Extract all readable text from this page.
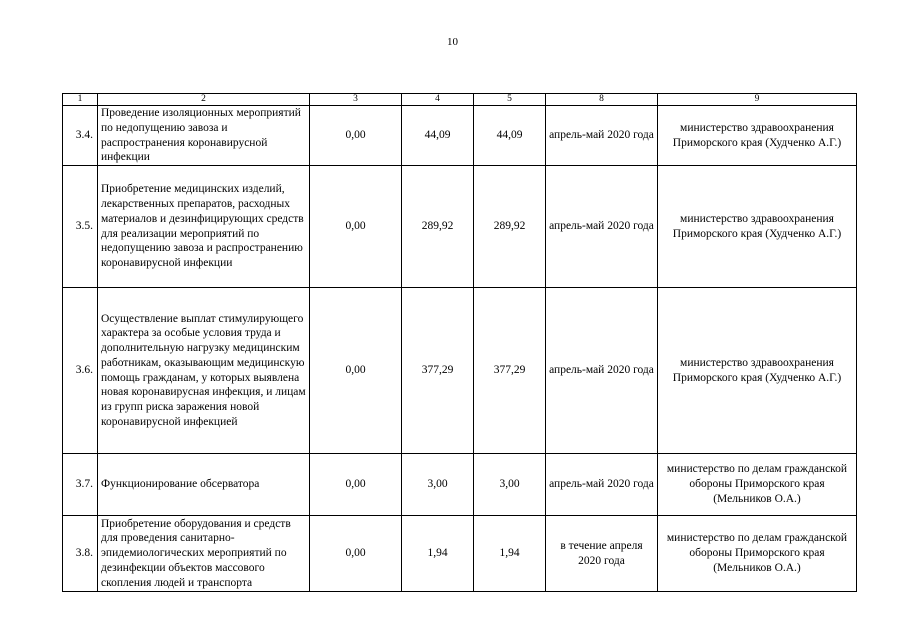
10
1	2	3	4	5	8	9
3.4.	Проведение изоляционных мероприятий по недопущению завоза и распространения коронавирусной инфекции	0,00	44,09	44,09	апрель-май 2020 года	министерство здравоохранения Приморского края (Худченко А.Г.)
3.5.	Приобретение медицинских изделий, лекарственных препаратов, расходных материалов и дезинфицирующих средств для реализации мероприятий по недопущению завоза и распространению коронавирусной инфекции	0,00	289,92	289,92	апрель-май 2020 года	министерство здравоохранения Приморского края (Худченко А.Г.)
3.6.	Осуществление выплат стимулирующего характера за особые условия труда и дополнительную нагрузку медицинским работникам, оказывающим медицинскую помощь гражданам, у которых выявлена новая коронавирусная инфекция, и лицам из групп риска заражения новой коронавирусной инфекцией	0,00	377,29	377,29	апрель-май 2020 года	министерство здравоохранения Приморского края (Худченко А.Г.)
3.7.	Функционирование обсерватора	0,00	3,00	3,00	апрель-май 2020 года	министерство по делам гражданской обороны Приморского края (Мельников О.А.)
3.8.	Приобретение оборудования и средств для проведения санитарно-эпидемиологических мероприятий по дезинфекции объектов массового скопления людей и транспорта	0,00	1,94	1,94	в течение апреля 2020 года	министерство по делам гражданской обороны Приморского края (Мельников О.А.)
